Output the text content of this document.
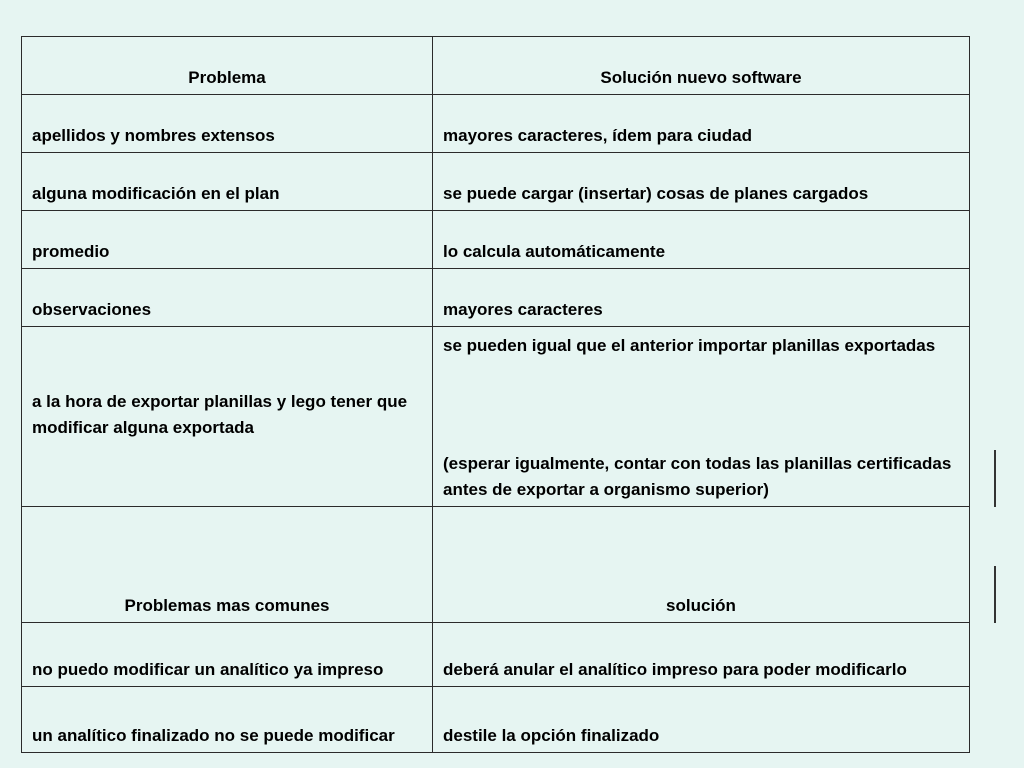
Problema	Solución nuevo software
apellidos y nombres extensos	mayores caracteres, ídem para ciudad
alguna modificación en el plan	se puede cargar (insertar) cosas de planes cargados
promedio	lo calcula automáticamente
observaciones	mayores caracteres
a la hora de exportar planillas y lego tener que modificar alguna exportada	se pueden igual que el anterior importar planillas exportadas
(esperar igualmente, contar con todas las planillas certificadas antes de exportar a organismo superior)

Problemas mas comunes	solución
no puedo modificar un analítico ya impreso	deberá anular el analítico impreso para poder modificarlo
un analítico finalizado no se puede modificar	destile la opción finalizado
